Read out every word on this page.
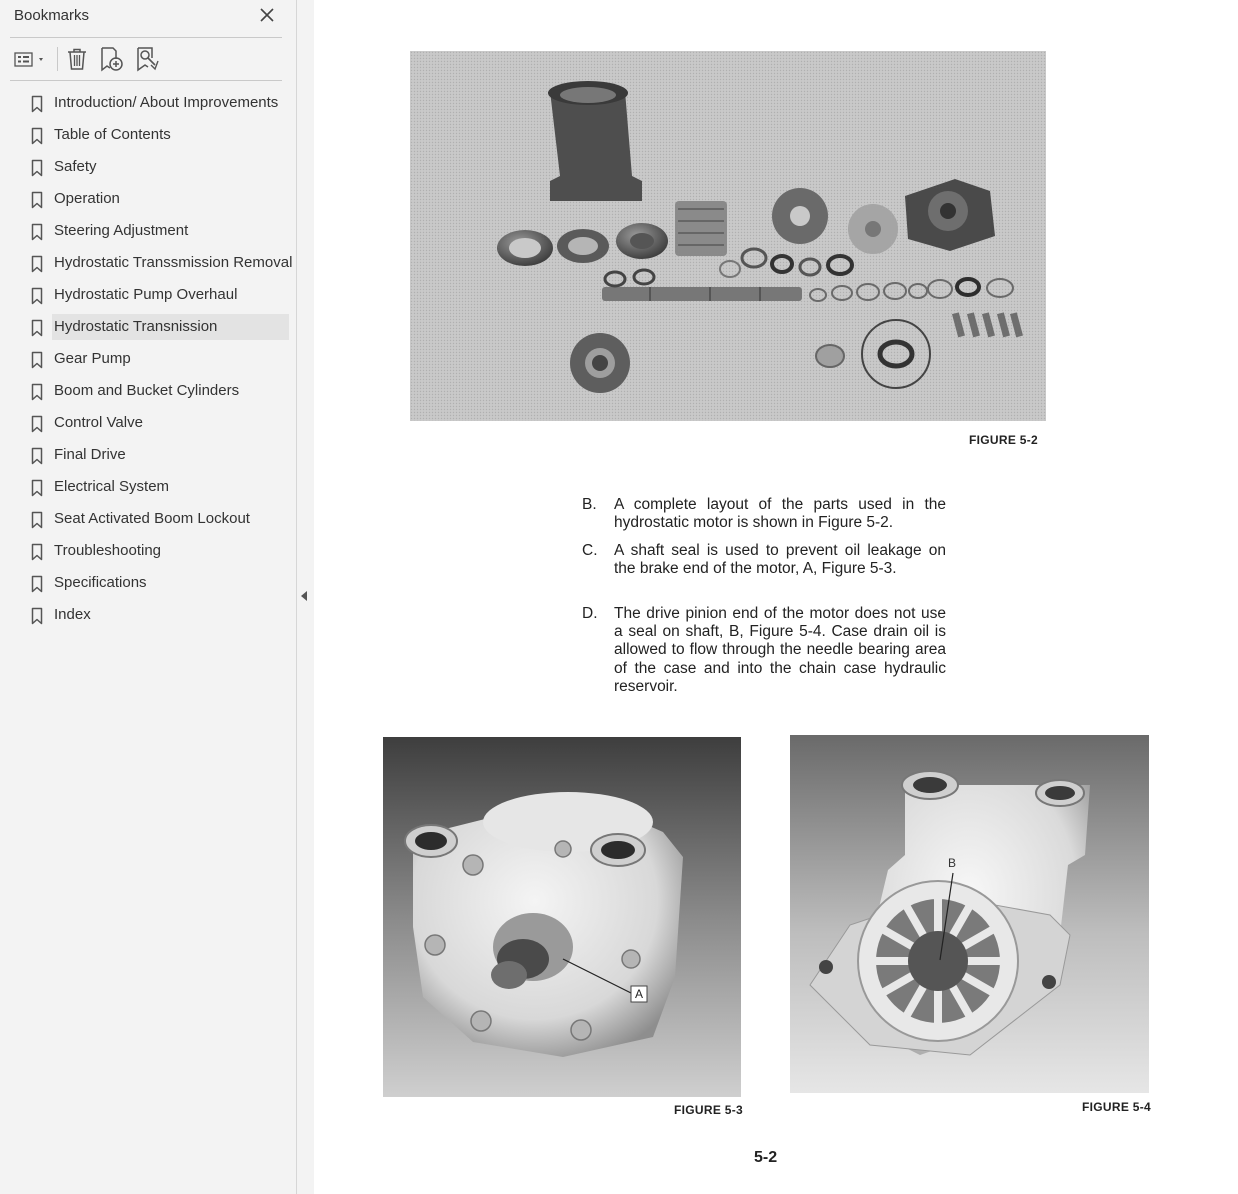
Bookmarks
Introduction/ About Improvements
Table of Contents
Safety
Operation
Steering Adjustment
Hydrostatic Transsmission Removal
Hydrostatic Pump Overhaul
Hydrostatic Transnission
Gear Pump
Boom and Bucket Cylinders
Control Valve
Final Drive
Electrical System
Seat Activated Boom Lockout
Troubleshooting
Specifications
Index
FIGURE 5-2
B. A complete layout of the parts used in the hydrostatic motor is shown in Figure 5-2.
C. A shaft seal is used to prevent oil leakage on the brake end of the motor, A, Figure 5-3.
D. The drive pinion end of the motor does not use a seal on shaft, B, Figure 5-4. Case drain oil is allowed to flow through the needle bearing area of the case and into the chain case hydraulic reservoir.
A
FIGURE 5-3
B
FIGURE 5-4
5-2
